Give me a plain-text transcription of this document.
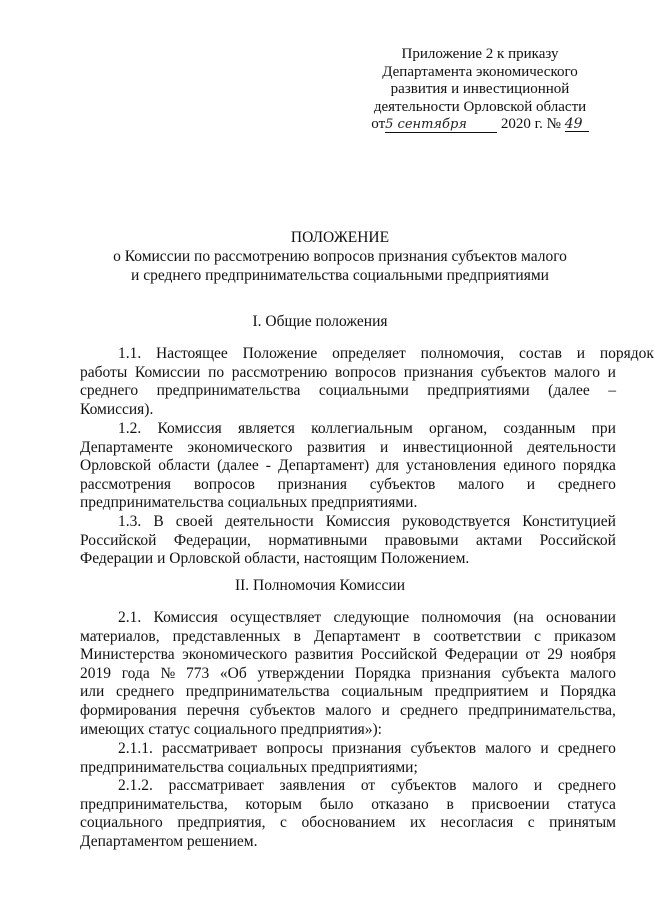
Приложение 2 к приказу
Департамента экономического
развития и инвестиционной
деятельности Орловской области
от5 сентября 2020 г. № 49
ПОЛОЖЕНИЕ
о Комиссии по рассмотрению вопросов признания субъектов малого
и среднего предпринимательства социальными предприятиями
I. Общие положения
1.1. Настоящее Положение определяет полномочия, состав и порядок
работы Комиссии по рассмотрению вопросов признания субъектов малого и
среднего предпринимательства социальными предприятиями (далее –
Комиссия).
1.2. Комиссия является коллегиальным органом, созданным при
Департаменте экономического развития и инвестиционной деятельности
Орловской области (далее - Департамент) для установления единого порядка
рассмотрения вопросов признания субъектов малого и среднего
предпринимательства социальных предприятиями.
1.3. В своей деятельности Комиссия руководствуется Конституцией
Российской Федерации, нормативными правовыми актами Российской
Федерации и Орловской области, настоящим Положением.
II. Полномочия Комиссии
2.1. Комиссия осуществляет следующие полномочия (на основании
материалов, представленных в Департамент в соответствии с приказом
Министерства экономического развития Российской Федерации от 29 ноября
2019 года № 773 «Об утверждении Порядка признания субъекта малого
или среднего предпринимательства социальным предприятием и Порядка
формирования перечня субъектов малого и среднего предпринимательства,
имеющих статус социального предприятия»):
2.1.1. рассматривает вопросы признания субъектов малого и среднего
предпринимательства социальных предприятиями;
2.1.2. рассматривает заявления от субъектов малого и среднего
предпринимательства, которым было отказано в присвоении статуса
социального предприятия, с обоснованием их несогласия с принятым
Департаментом решением.
